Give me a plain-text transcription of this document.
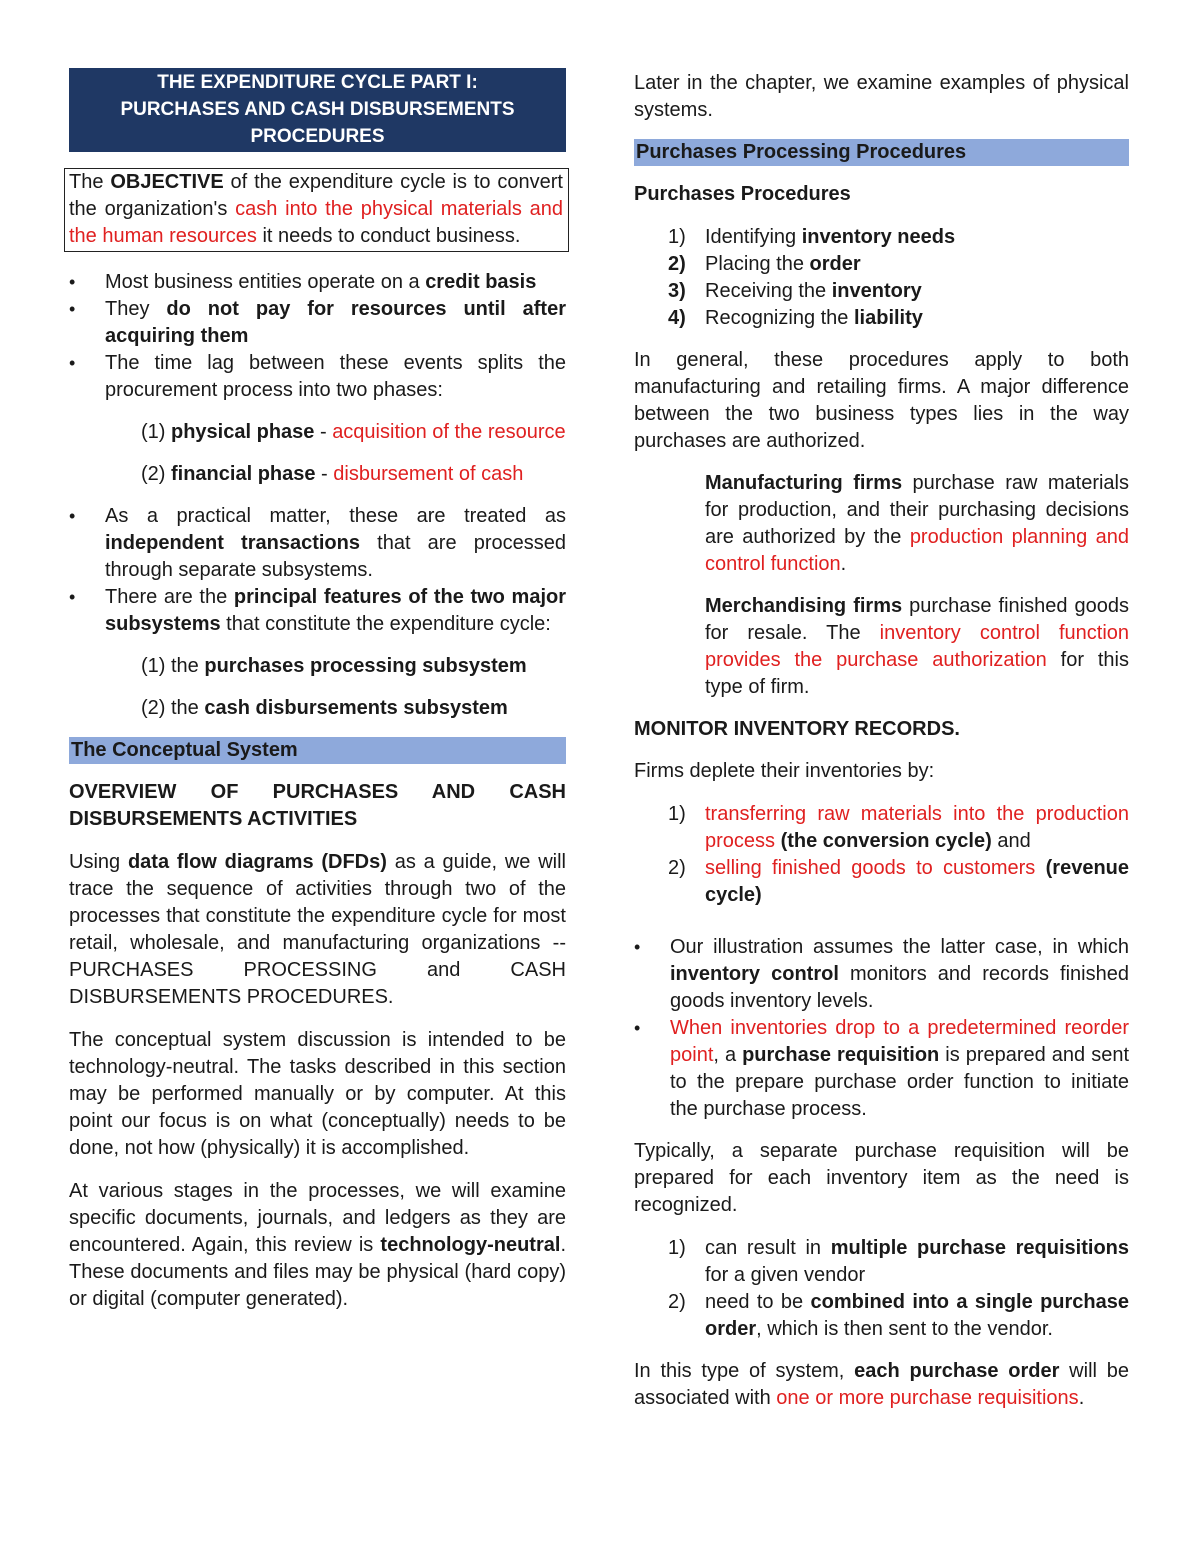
THE EXPENDITURE CYCLE PART I:
PURCHASES AND CASH DISBURSEMENTS
PROCEDURES
The OBJECTIVE of the expenditure cycle is to convert the organization's cash into the physical materials and the human resources it needs to conduct business.
• Most business entities operate on a credit basis
• They do not pay for resources until after acquiring them
• The time lag between these events splits the procurement process into two phases:

(1) physical phase - acquisition of the resource

(2) financial phase - disbursement of cash

• As a practical matter, these are treated as independent transactions that are processed through separate subsystems.
• There are the principal features of the two major subsystems that constitute the expenditure cycle:

(1) the purchases processing subsystem

(2) the cash disbursements subsystem

The Conceptual System

OVERVIEW OF PURCHASES AND CASH DISBURSEMENTS ACTIVITIES

Using data flow diagrams (DFDs) as a guide, we will trace the sequence of activities through two of the processes that constitute the expenditure cycle for most retail, wholesale, and manufacturing organizations -- PURCHASES PROCESSING and CASH DISBURSEMENTS PROCEDURES.

The conceptual system discussion is intended to be technology-neutral. The tasks described in this section may be performed manually or by computer. At this point our focus is on what (conceptually) needs to be done, not how (physically) it is accomplished.

At various stages in the processes, we will examine specific documents, journals, and ledgers as they are encountered. Again, this review is technology-neutral. These documents and files may be physical (hard copy) or digital (computer generated).

Later in the chapter, we examine examples of physical systems.

Purchases Processing Procedures

Purchases Procedures

1) Identifying inventory needs
2) Placing the order
3) Receiving the inventory
4) Recognizing the liability

In general, these procedures apply to both manufacturing and retailing firms. A major difference between the two business types lies in the way purchases are authorized.

Manufacturing firms purchase raw materials for production, and their purchasing decisions are authorized by the production planning and control function.

Merchandising firms purchase finished goods for resale. The inventory control function provides the purchase authorization for this type of firm.

MONITOR INVENTORY RECORDS.

Firms deplete their inventories by:

1) transferring raw materials into the production process (the conversion cycle) and
2) selling finished goods to customers (revenue cycle)
• Our illustration assumes the latter case, in which inventory control monitors and records finished goods inventory levels.
• When inventories drop to a predetermined reorder point, a purchase requisition is prepared and sent to the prepare purchase order function to initiate the purchase process.

Typically, a separate purchase requisition will be prepared for each inventory item as the need is recognized.

1) can result in multiple purchase requisitions for a given vendor
2) need to be combined into a single purchase order, which is then sent to the vendor.

In this type of system, each purchase order will be associated with one or more purchase requisitions.
